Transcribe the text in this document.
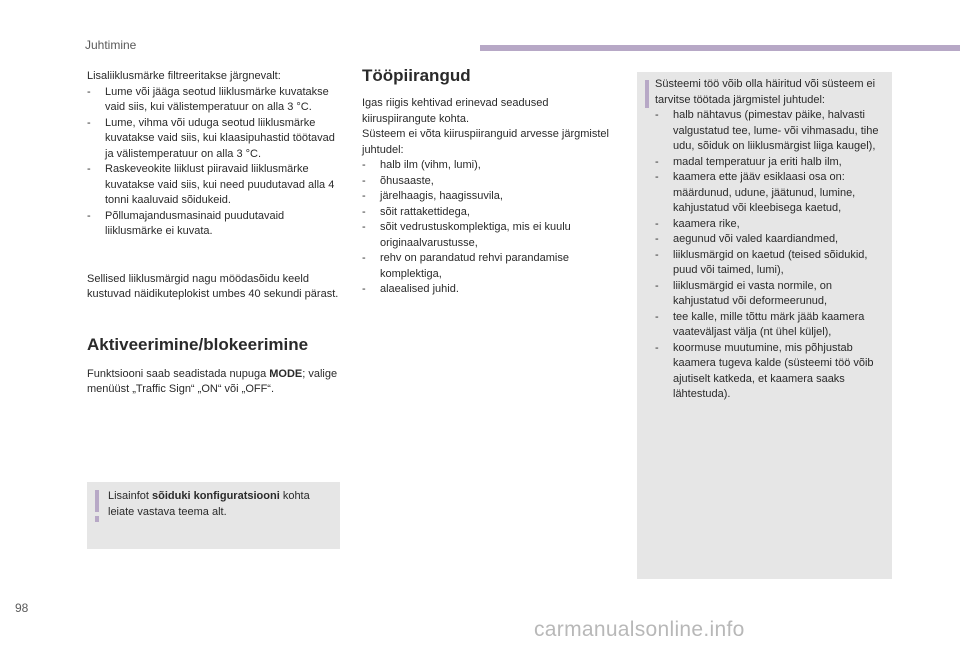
Juhtimine
Lisaliiklusmärke filtreeritakse järgnevalt:
- Lume või jääga seotud liiklusmärke kuvatakse vaid siis, kui välistemperatuur on alla 3 °C.
- Lume, vihma või uduga seotud liiklusmärke kuvatakse vaid siis, kui klaasipuhastid töötavad ja välistemperatuur on alla 3 °C.
- Raskeveokite liiklust piiravaid liiklusmärke kuvatakse vaid siis, kui need puudutavad alla 4 tonni kaaluvaid sõidukeid.
- Põllumajandusmasinaid puudutavaid liiklusmärke ei kuvata.
Sellised liiklusmärgid nagu möödasõidu keeld kustuvad näidikuteplokist umbes 40 sekundi pärast.
Aktiveerimine/blokeerimine
Funktsiooni saab seadistada nupuga MODE; valige menüüst „Traffic Sign“ „ON“ või „OFF“.
Lisainfot sõiduki konfiguratsiooni kohta leiate vastava teema alt.
Tööpiirangud
Igas riigis kehtivad erinevad seadused kiiruspiirangute kohta.
Süsteem ei võta kiiruspiiranguid arvesse järgmistel juhtudel:
- halb ilm (vihm, lumi),
- õhusaaste,
- järelhaagis, haagissuvila,
- sõit rattakettidega,
- sõit vedrustuskomplektiga, mis ei kuulu originaalvarustusse,
- rehv on parandatud rehvi parandamise komplektiga,
- alaealised juhid.
Süsteemi töö võib olla häiritud või süsteem ei tarvitse töötada järgmistel juhtudel:
- halb nähtavus (pimestav päike, halvasti valgustatud tee, lume- või vihmasadu, tihe udu, sõiduk on liiklusmärgist liiga kaugel),
- madal temperatuur ja eriti halb ilm,
- kaamera ette jääv esiklaasi osa on: määrdunud, udune, jäätunud, lumine, kahjustatud või kleebisega kaetud,
- kaamera rike,
- aegunud või valed kaardiandmed,
- liiklusmärgid on kaetud (teised sõidukid, puud või taimed, lumi),
- liiklusmärgid ei vasta normile, on kahjustatud või deformeerunud,
- tee kalle, mille tõttu märk jääb kaamera vaateväljast välja (nt ühel küljel),
- koormuse muutumine, mis põhjustab kaamera tugeva kalde (süsteemi töö võib ajutiselt katkeda, et kaamera saaks lähtestuda).
98
carmanualsonline.info
